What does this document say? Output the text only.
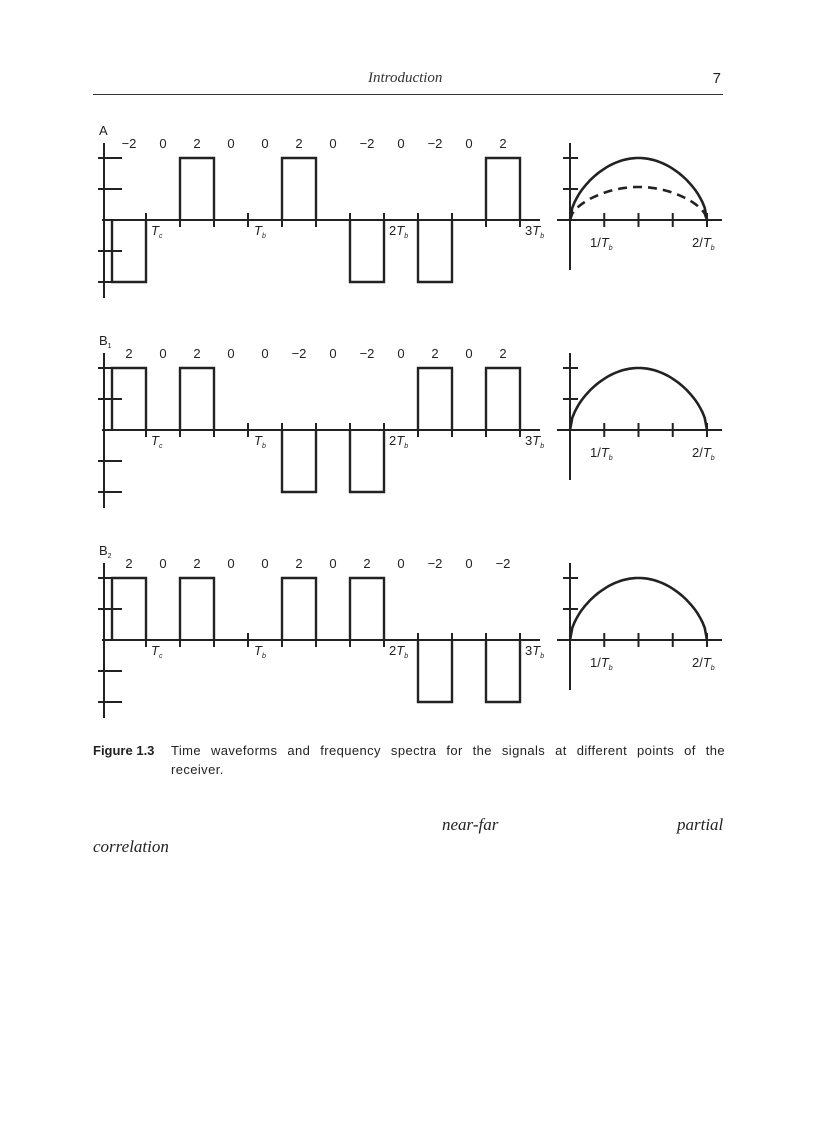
Introduction	7
A
−2 0 2 0 0 2 0 −2 0 −2 0 2
$T_c$	$T_b$	$2T_b$	$3T_b$	$1/T_b$	$2/T_b$
$B_1$ 2 0 2 0 0 −2 0 −2 0 2 0 2
$T_c$	$T_b$	$2T_b$	$3T_b$	$1/T_b$	$2/T_b$
$B_2$ 2 0 2 0 0 2 0 2 0 −2 0 −2
$T_c$	$T_b$	$2T_b$	$3T_b$	$1/T_b$	$2/T_b$
Figure 1.3 Time waveforms and frequency spectra for the signals at different points of the receiver.
near-far	partial
correlation
